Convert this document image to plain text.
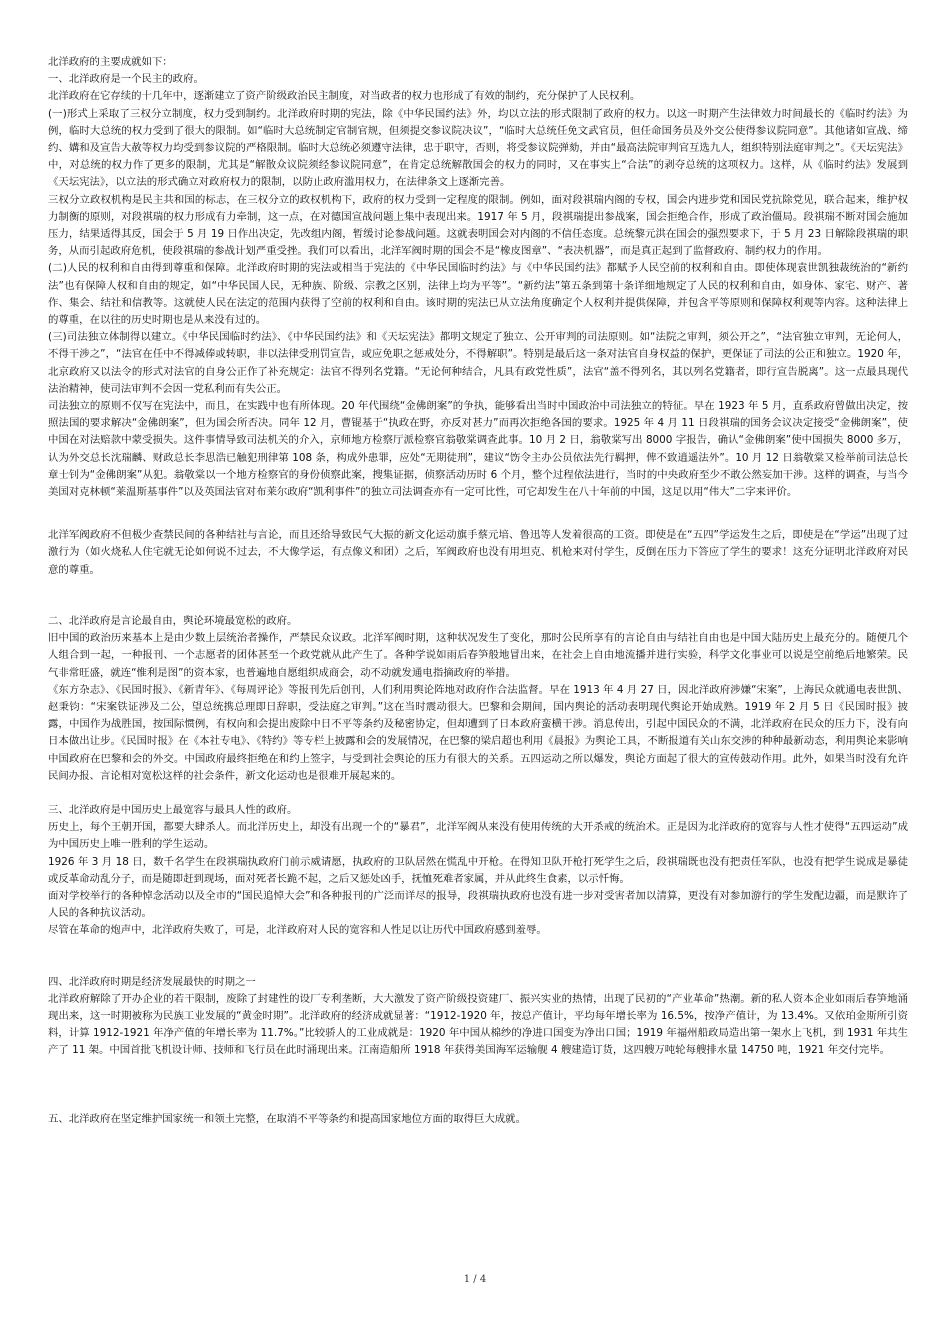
北洋政府的主要成就如下：

一、北洋政府是一个民主的政府。

北洋政府在它存续的十几年中，逐渐建立了资产阶级政治民主制度，对当政者的权力也形成了有效的制约，充分保护了人民权利。

(一)形式上采取了三权分立制度，权力受到制约。北洋政府时期的宪法，除《中华民国约法》外，均以立法的形式限制了政府的权力。以这一时期产生法律效力时间最长的《临时约法》为例，临时大总统的权力受到了很大的限制。如“临时大总统制定官制官规，但须提交参议院决议”，“临时大总统任免文武官员，但任命国务员及外交公使得参议院同意”。其他诸如宣战、缔约、媾和及宣告大赦等权力均受到参议院的严格限制。临时大总统必须遵守法律，忠于职守，否则，将受参议院弹劾，并由“最高法院审判官互选九人，组织特别法庭审判之”。《天坛宪法》中，对总统的权力作了更多的限制，尤其是“解散众议院须经参议院同意”，在肯定总统解散国会的权力的同时，又在事实上“合法”的剥夺总统的这项权力。这样，从《临时约法》发展到《天坛宪法》，以立法的形式确立对政府权力的限制，以防止政府滥用权力，在法律条文上逐渐完善。

三权分立政权机构是民主共和国的标志，在三权分立的政权机构下，政府的权力受到一定程度的限制。例如，面对段祺瑞内阁的专权，国会内进步党和国民党抗除党见，联合起来，维护权力制衡的原则，对段祺瑞的权力形成有力牵制，这一点，在对德国宣战问题上集中表现出来。1917 年 5 月，段祺瑞提出参战案，国会拒绝合作，形成了政治僵局。段祺瑞不断对国会施加压力，结果适得其反，国会于 5 月 19 日作出决定，先改组内阁，暂缓讨论参战问题。这就表明国会对内阁的不信任态度。总统黎元洪在国会的强烈要求下，于 5 月 23 日解除段祺瑞的职务，从而引起政府危机，使段祺瑞的参战计划严重受挫。我们可以看出，北洋军阀时期的国会不是“橡皮图章”、“表决机器”，而是真正起到了监督政府、制约权力的作用。

(二)人民的权利和自由得到尊重和保障。北洋政府时期的宪法或相当于宪法的《中华民国临时约法》与《中华民国约法》都赋予人民空前的权利和自由。即使体现袁世凯独裁统治的“新约法”也有保障人权和自由的规定，如“中华民国人民，无种族、阶级、宗教之区别，法律上均为平等”。“新约法”第五条到第十条详细地规定了人民的权利和自由，如身体、家宅、财产、著作、集会、结社和信教等。这就使人民在法定的范围内获得了空前的权利和自由。该时期的宪法已从立法角度确定个人权利并提供保障，并包含平等原则和保障权利观等内容。这种法律上的尊重，在以往的历史时期也是从来没有过的。

(三)司法独立体制得以建立。《中华民国临时约法》、《中华民国约法》和《天坛宪法》都明文规定了独立、公开审判的司法原则。如“法院之审判，须公开之”，“法官独立审判，无论何人，不得干涉之”，“法官在任中不得减俸或转职，非以法律受刑罚宣告，或应免职之惩戒处分，不得解职”。特别是最后这一条对法官自身权益的保护，更保证了司法的公正和独立。1920 年，北京政府又以法令的形式对法官的自身公正作了补充规定：法官不得列名党籍。“无论何种结合，凡具有政党性质”，法官“盖不得列名，其以列名党籍者，即行宣告脱离”。这一点最具现代法治精神，使司法审判不会因一党私利而有失公正。

司法独立的原则不仅写在宪法中，而且，在实践中也有所体现。20 年代围绕“金佛朗案”的争执，能够看出当时中国政治中司法独立的特征。早在 1923 年 5 月，直系政府曾做出决定，按照法国的要求解决“金佛朗案”，但为国会所否决。同年 12 月，曹锟基于“执政在野，亦反对甚力”而再次拒绝各国的要求。1925 年 4 月 11 日段祺瑞的国务会议决定接受“金佛朗案”，使中国在对法赔款中蒙受损失。这件事情导致司法机关的介入，京师地方检察厅派检察官翁敬棠调查此事。10 月 2 日，翁敬棠写出 8000 字报告，确认“金佛朗案”使中国损失 8000 多万，认为外交总长沈瑞麟、财政总长李思浩已触犯刑律第 108 条，构成外患罪，应处“无期徒刑”，建议“饬令主办公员依法先行羁押，俾不致逍遥法外”。10 月 12 日翁敬棠又检举前司法总长章士钊为“金佛朗案”从犯。翁敬棠以一个地方检察官的身份侦察此案，搜集证据，侦察活动历时 6 个月，整个过程依法进行，当时的中央政府至少不敢公然妄加干涉。这样的调查，与当今美国对克林顿“莱温斯基事件”以及英国法官对布莱尔政府“凯利事件”的独立司法调查亦有一定可比性，可它却发生在八十年前的中国，这足以用“伟大”二字来评价。

北洋军阀政府不但极少查禁民间的各种结社与言论，而且还给导致民气大振的新文化运动旗手蔡元培、鲁迅等人发着很高的工资。即使是在“五四”学运发生之后，即使是在“学运”出现了过激行为（如火烧私人住宅就无论如何说不过去，不大像学运，有点像义和团）之后，军阀政府也没有用坦克、机枪来对付学生，反倒在压力下答应了学生的要求！这充分证明北洋政府对民意的尊重。

二、北洋政府是言论最自由，舆论环境最宽松的政府。

旧中国的政治历来基本上是由少数上层统治者操作，严禁民众议政。北洋军阀时期，这种状况发生了变化，那时公民所享有的言论自由与结社自由也是中国大陆历史上最充分的。随便几个人组合到一起，一种报刊、一个志愿者的团体甚至一个政党就从此产生了。各种学说如雨后春笋般地冒出来，在社会上自由地流播并进行实验，科学文化事业可以说是空前绝后地繁荣。民气非常旺盛，就连“惟利是图”的资本家，也普遍地自愿组织成商会，动不动就发通电指摘政府的举措。

《东方杂志》、《民国时报》、《新青年》、《每周评论》等报刊先后创刊，人们利用舆论阵地对政府作合法监督。早在 1913 年 4 月 27 日，因北洋政府涉嫌“宋案”，上海民众就通电表世凯、赵秉钧：“宋案铁证涉及二公，望总统携总理即日辞职，受法庭之审判。”这在当时震动很大。巴黎和会期间，国内舆论的活动表明现代舆论开始成熟。1919 年 2 月 5 日《民国时报》披露，中国作为战胜国，按国际惯例，有权向和会提出废除中日不平等条约及秘密协定，但却遭到了日本政府蛮横干涉。消息传出，引起中国民众的不满，北洋政府在民众的压力下，没有向日本做出让步。《民国时报》在《本社专电》、《特约》等专栏上披露和会的发展情况，在巴黎的梁启超也利用《晨报》为舆论工具，不断报道有关山东交涉的种种最新动态，利用舆论来影响中国政府在巴黎和会的外交。中国政府最终拒绝在和约上签字，与受到社会舆论的压力有很大的关系。五四运动之所以爆发，舆论方面起了很大的宣传鼓动作用。此外，如果当时没有允许民间办报、言论相对宽松这样的社会条件，新文化运动也是很难开展起来的。

三、北洋政府是中国历史上最宽容与最具人性的政府。

历史上，每个王朝开国，都要大肆杀人。而北洋历史上，却没有出现一个的“暴君”，北洋军阀从来没有使用传统的大开杀戒的统治术。正是因为北洋政府的宽容与人性才使得“五四运动”成为中国历史上唯一胜利的学生运动。

1926 年 3 月 18 日，数千名学生在段祺瑞执政府门前示威请愿，执政府的卫队居然在慌乱中开枪。在得知卫队开枪打死学生之后，段祺瑞既也没有把责任军队，也没有把学生说成是暴徒或反革命动乱分子，而是随即赶到现场，面对死者长跪不起，之后又惩处凶手，抚恤死难者家属，并从此终生食素，以示忏悔。

面对学校举行的各种悼念活动以及全市的“国民追悼大会”和各种报刊的广泛而详尽的报导，段祺瑞执政府也没有进一步对受害者加以清算，更没有对参加游行的学生发配边疆，而是默许了人民的各种抗议活动。

尽管在革命的炮声中，北洋政府失败了，可是，北洋政府对人民的宽容和人性足以让历代中国政府感到羞辱。

四、北洋政府时期是经济发展最快的时期之一

北洋政府解除了开办企业的若干限制，废除了封建性的设厂专利垄断，大大激发了资产阶级投资建厂、振兴实业的热情，出现了民初的“产业革命”热潮。新的私人资本企业如雨后春笋地涌现出来，这一时期被称为民族工业发展的“黄金时期”。北洋政府的经济成就显著：“1912-1920 年，按总产值计，平均每年增长率为 16.5%，按净产值计，为 13.4%。又依珀金斯所引资料，计算 1912-1921 年净产值的年增长率为 11.7%。”比较骄人的工业成就是：1920 年中国从棉纱的净进口国变为净出口国；1919 年福州船政局造出第一架水上飞机，到 1931 年共生产了 11 架。中国首批飞机设计师、技师和飞行员在此时涌现出来。江南造船所 1918 年获得美国海军运输舰 4 艘建造订货，这四艘万吨轮每艘排水量 14750 吨，1921 年交付完毕。

五、北洋政府在坚定维护国家统一和领土完整，在取消不平等条约和提高国家地位方面的取得巨大成就。

1 / 4
